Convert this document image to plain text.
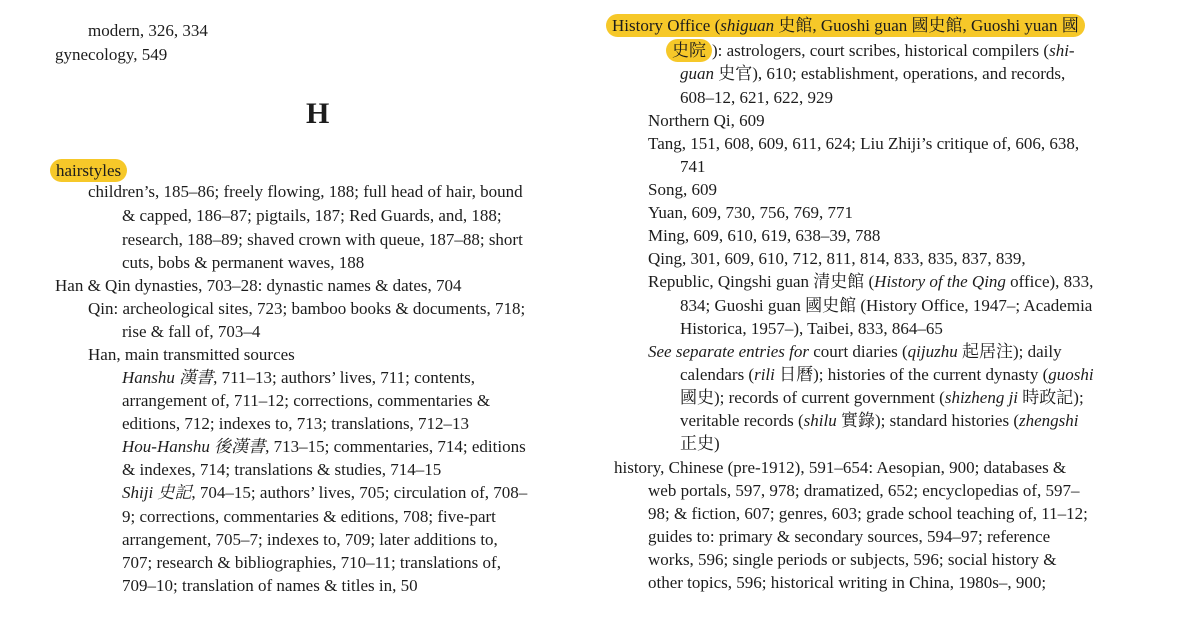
modern, 326, 334
gynecology, 549
H
hairstyles
children’s, 185–86; freely flowing, 188; full head of hair, bound
& capped, 186–87; pigtails, 187; Red Guards, and, 188;
research, 188–89; shaved crown with queue, 187–88; short
cuts, bobs & permanent waves, 188
Han & Qin dynasties, 703–28: dynastic names & dates, 704
Qin: archeological sites, 723; bamboo books & documents, 718;
rise & fall of, 703–4
Han, main transmitted sources
Hanshu 漢書, 711–13; authors’ lives, 711; contents,
arrangement of, 711–12; corrections, commentaries &
editions, 712; indexes to, 713; translations, 712–13
Hou-Hanshu 後漢書, 713–15; commentaries, 714; editions
& indexes, 714; translations & studies, 714–15
Shiji 史記, 704–15; authors’ lives, 705; circulation of, 708–
9; corrections, commentaries & editions, 708; five-part
arrangement, 705–7; indexes to, 709; later additions to,
707; research & bibliographies, 710–11; translations of,
709–10; translation of names & titles in, 50
History Office (shiguan 史館, Guoshi guan 國史館, Guoshi yuan 國
史院 ): astrologers, court scribes, historical compilers (shi-
guan 史官), 610; establishment, operations, and records,
608–12, 621, 622, 929
Northern Qi, 609
Tang, 151, 608, 609, 611, 624; Liu Zhiji’s critique of, 606, 638,
741
Song, 609
Yuan, 609, 730, 756, 769, 771
Ming, 609, 610, 619, 638–39, 788
Qing, 301, 609, 610, 712, 811, 814, 833, 835, 837, 839,
Republic, Qingshi guan 清史館 (History of the Qing office), 833,
834; Guoshi guan 國史館 (History Office, 1947–; Academia
Historica, 1957–), Taibei, 833, 864–65
See separate entries for court diaries (qijuzhu 起居注); daily
calendars (rili 日曆); histories of the current dynasty (guoshi
國史); records of current government (shizheng ji 時政記);
veritable records (shilu 實錄); standard histories (zhengshi
正史)
history, Chinese (pre-1912), 591–654: Aesopian, 900; databases &
web portals, 597, 978; dramatized, 652; encyclopedias of, 597–
98; & fiction, 607; genres, 603; grade school teaching of, 11–12;
guides to: primary & secondary sources, 594–97; reference
works, 596; single periods or subjects, 596; social history &
other topics, 596; historical writing in China, 1980s–, 900;
